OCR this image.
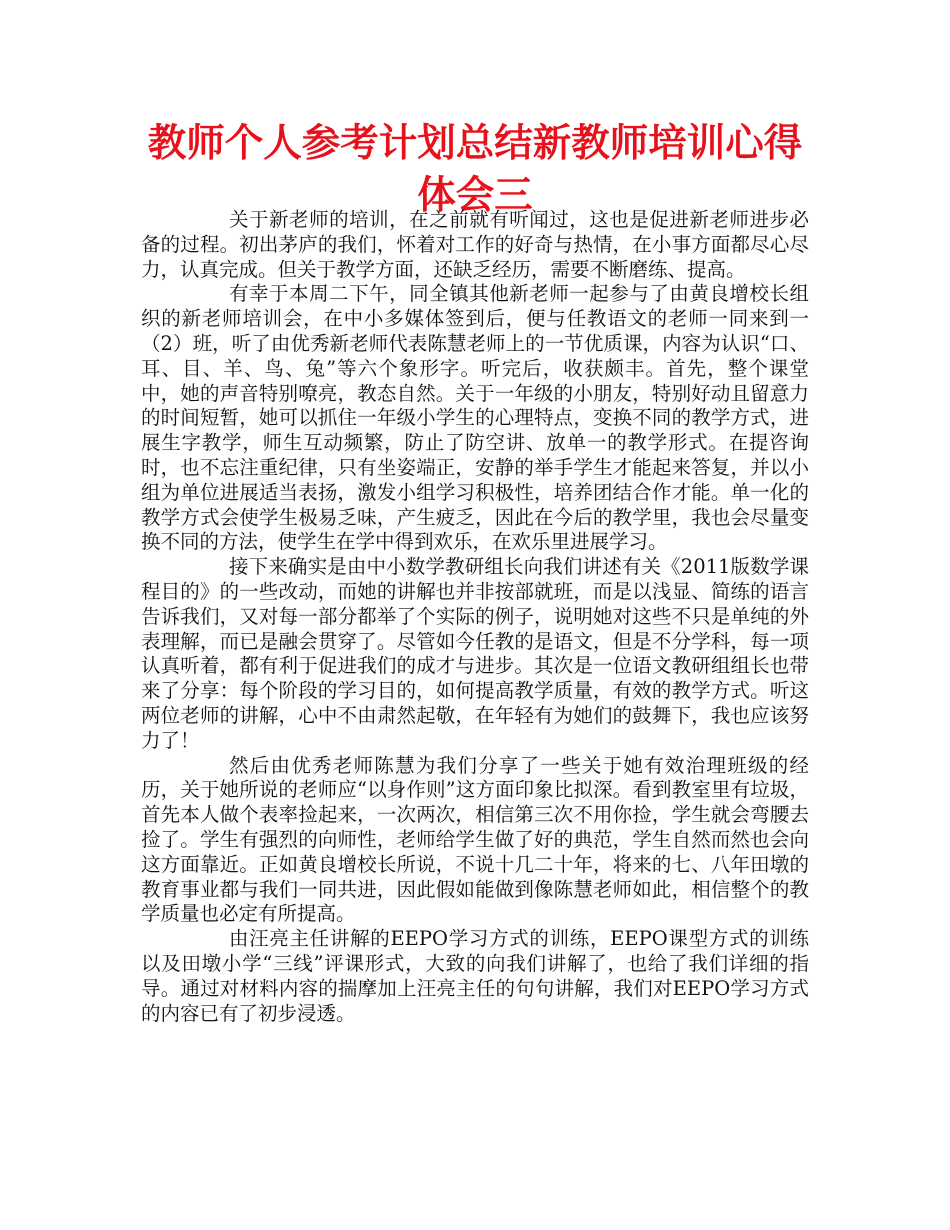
教师个人参考计划总结新教师培训心得体会三

关于新老师的培训，在之前就有听闻过，这也是促进新老师进步必备的过程。初出茅庐的我们，怀着对工作的好奇与热情，在小事方面都尽心尽力，认真完成。但关于教学方面，还缺乏经历，需要不断磨练、提高。

有幸于本周二下午，同全镇其他新老师一起参与了由黄良增校长组织的新老师培训会，在中小多媒体签到后，便与任教语文的老师一同来到一（2）班，听了由优秀新老师代表陈慧老师上的一节优质课，内容为认识“口、耳、目、羊、鸟、兔”等六个象形字。听完后，收获颇丰。首先，整个课堂中，她的声音特别嘹亮，教态自然。关于一年级的小朋友，特别好动且留意力的时间短暂，她可以抓住一年级小学生的心理特点，变换不同的教学方式，进展生字教学，师生互动频繁，防止了防空讲、放单一的教学形式。在提咨询时，也不忘注重纪律，只有坐姿端正，安静的举手学生才能起来答复，并以小组为单位进展适当表扬，激发小组学习积极性，培养团结合作才能。单一化的教学方式会使学生极易乏味，产生疲乏，因此在今后的教学里，我也会尽量变换不同的方法，使学生在学中得到欢乐，在欢乐里进展学习。

接下来确实是由中小数学教研组长向我们讲述有关《2011版数学课程目的》的一些改动，而她的讲解也并非按部就班，而是以浅显、简练的语言告诉我们，又对每一部分都举了个实际的例子，说明她对这些不只是单纯的外表理解，而已是融会贯穿了。尽管如今任教的是语文，但是不分学科，每一项认真听着，都有利于促进我们的成才与进步。其次是一位语文教研组组长也带来了分享：每个阶段的学习目的，如何提高教学质量，有效的教学方式。听这两位老师的讲解，心中不由肃然起敬，在年轻有为她们的鼓舞下，我也应该努力了！

然后由优秀老师陈慧为我们分享了一些关于她有效治理班级的经历，关于她所说的老师应“以身作则”这方面印象比拟深。看到教室里有垃圾，首先本人做个表率捡起来，一次两次，相信第三次不用你捡，学生就会弯腰去捡了。学生有强烈的向师性，老师给学生做了好的典范，学生自然而然也会向这方面靠近。正如黄良增校长所说，不说十几二十年，将来的七、八年田墩的教育事业都与我们一同共进，因此假如能做到像陈慧老师如此，相信整个的教学质量也必定有所提高。

由汪亮主任讲解的EEPO学习方式的训练，EEPO课型方式的训练以及田墩小学“三线”评课形式，大致的向我们讲解了，也给了我们详细的指导。通过对材料内容的揣摩加上汪亮主任的句句讲解，我们对EEPO学习方式的内容已有了初步浸透。
